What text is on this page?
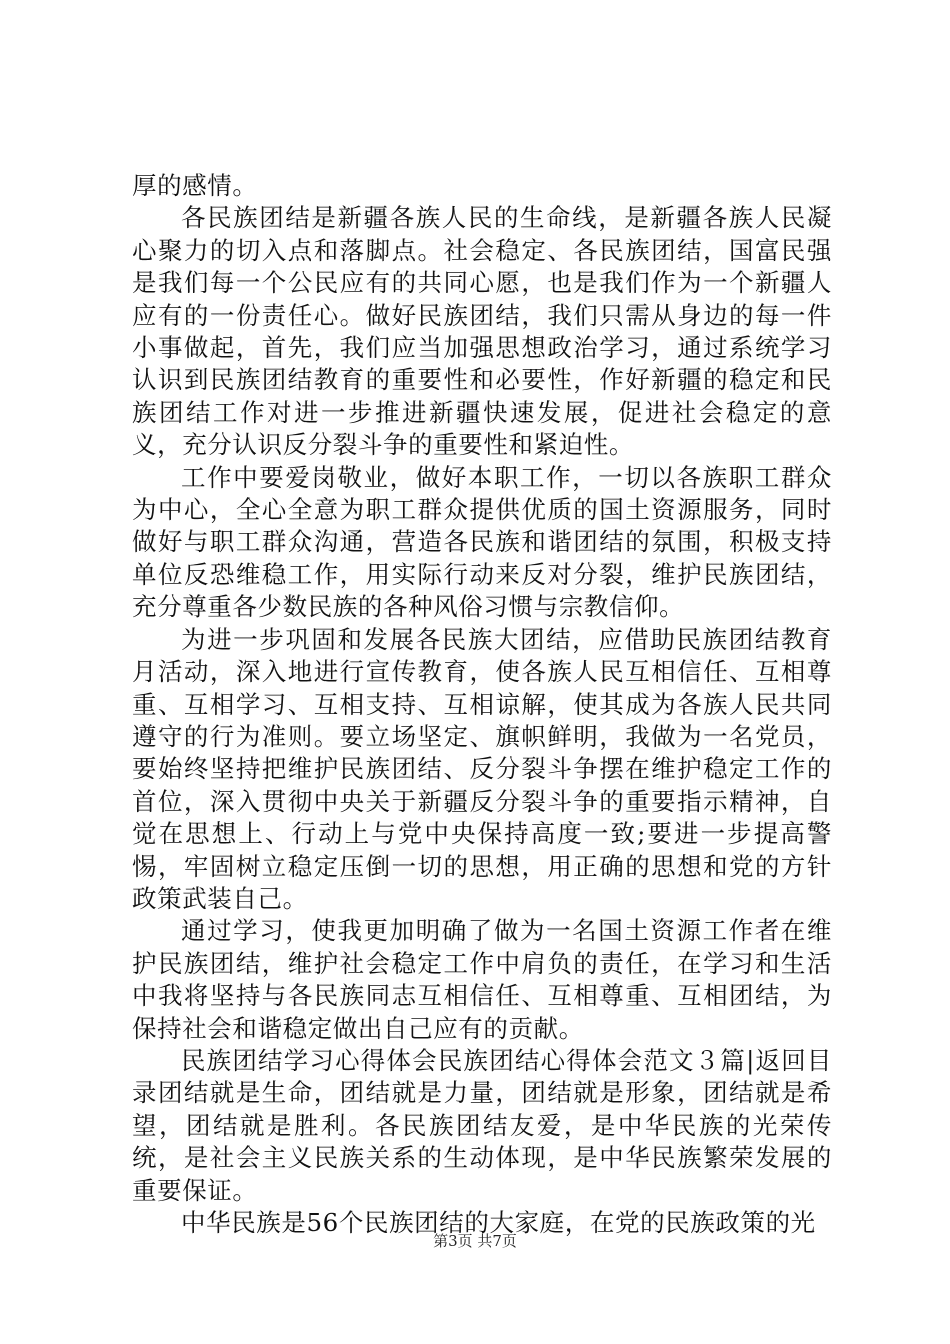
厚的感情。

各民族团结是新疆各族人民的生命线，是新疆各族人民凝心聚力的切入点和落脚点。社会稳定、各民族团结，国富民强是我们每一个公民应有的共同心愿，也是我们作为一个新疆人应有的一份责任心。做好民族团结，我们只需从身边的每一件小事做起，首先，我们应当加强思想政治学习，通过系统学习认识到民族团结教育的重要性和必要性，作好新疆的稳定和民族团结工作对进一步推进新疆快速发展，促进社会稳定的意义，充分认识反分裂斗争的重要性和紧迫性。

工作中要爱岗敬业，做好本职工作，一切以各族职工群众为中心，全心全意为职工群众提供优质的国土资源服务，同时做好与职工群众沟通，营造各民族和谐团结的氛围，积极支持单位反恐维稳工作，用实际行动来反对分裂，维护民族团结，充分尊重各少数民族的各种风俗习惯与宗教信仰。

为进一步巩固和发展各民族大团结，应借助民族团结教育月活动，深入地进行宣传教育，使各族人民互相信任、互相尊重、互相学习、互相支持、互相谅解，使其成为各族人民共同遵守的行为准则。要立场坚定、旗帜鲜明，我做为一名党员，要始终坚持把维护民族团结、反分裂斗争摆在维护稳定工作的首位，深入贯彻中央关于新疆反分裂斗争的重要指示精神，自觉在思想上、行动上与党中央保持高度一致;要进一步提高警惕，牢固树立稳定压倒一切的思想，用正确的思想和党的方针政策武装自己。

通过学习，使我更加明确了做为一名国土资源工作者在维护民族团结，维护社会稳定工作中肩负的责任，在学习和生活中我将坚持与各民族同志互相信任、互相尊重、互相团结，为保持社会和谐稳定做出自己应有的贡献。

民族团结学习心得体会民族团结心得体会范文３篇|返回目录团结就是生命，团结就是力量，团结就是形象，团结就是希望，团结就是胜利。各民族团结友爱，是中华民族的光荣传统，是社会主义民族关系的生动体现，是中华民族繁荣发展的重要保证。

中华民族是56个民族团结的大家庭，在党的民族政策的光

第3页 共7页
